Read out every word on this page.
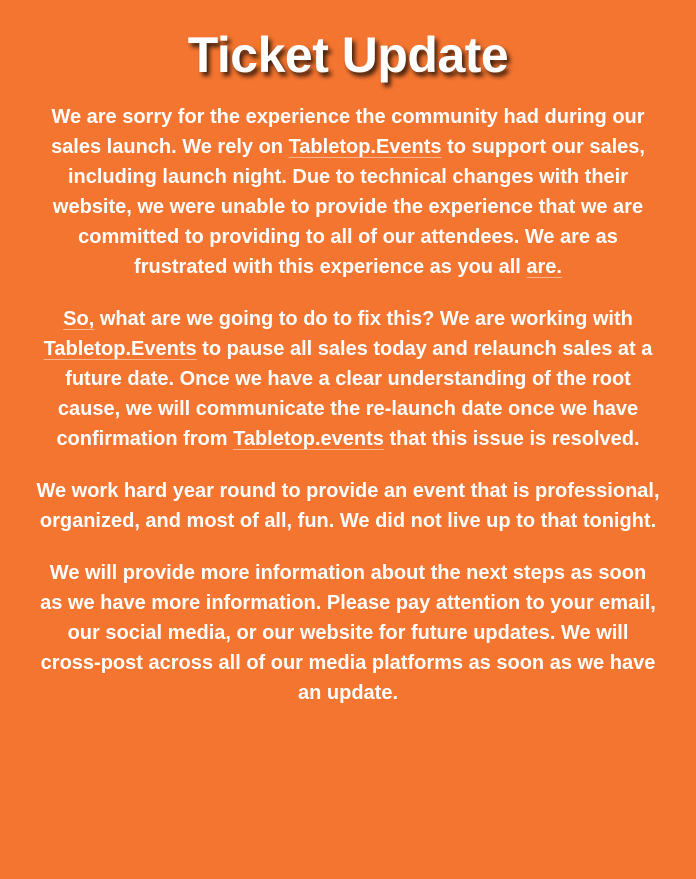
Ticket Update

We are sorry for the experience the community had during our sales launch. We rely on Tabletop.Events to support our sales, including launch night. Due to technical changes with their website, we were unable to provide the experience that we are committed to providing to all of our attendees. We are as frustrated with this experience as you all are.

So, what are we going to do to fix this? We are working with Tabletop.Events to pause all sales today and relaunch sales at a future date. Once we have a clear understanding of the root cause, we will communicate the re-launch date once we have confirmation from Tabletop.events that this issue is resolved.

We work hard year round to provide an event that is professional, organized, and most of all, fun. We did not live up to that tonight.

We will provide more information about the next steps as soon as we have more information. Please pay attention to your email, our social media, or our website for future updates. We will cross-post across all of our media platforms as soon as we have an update.
